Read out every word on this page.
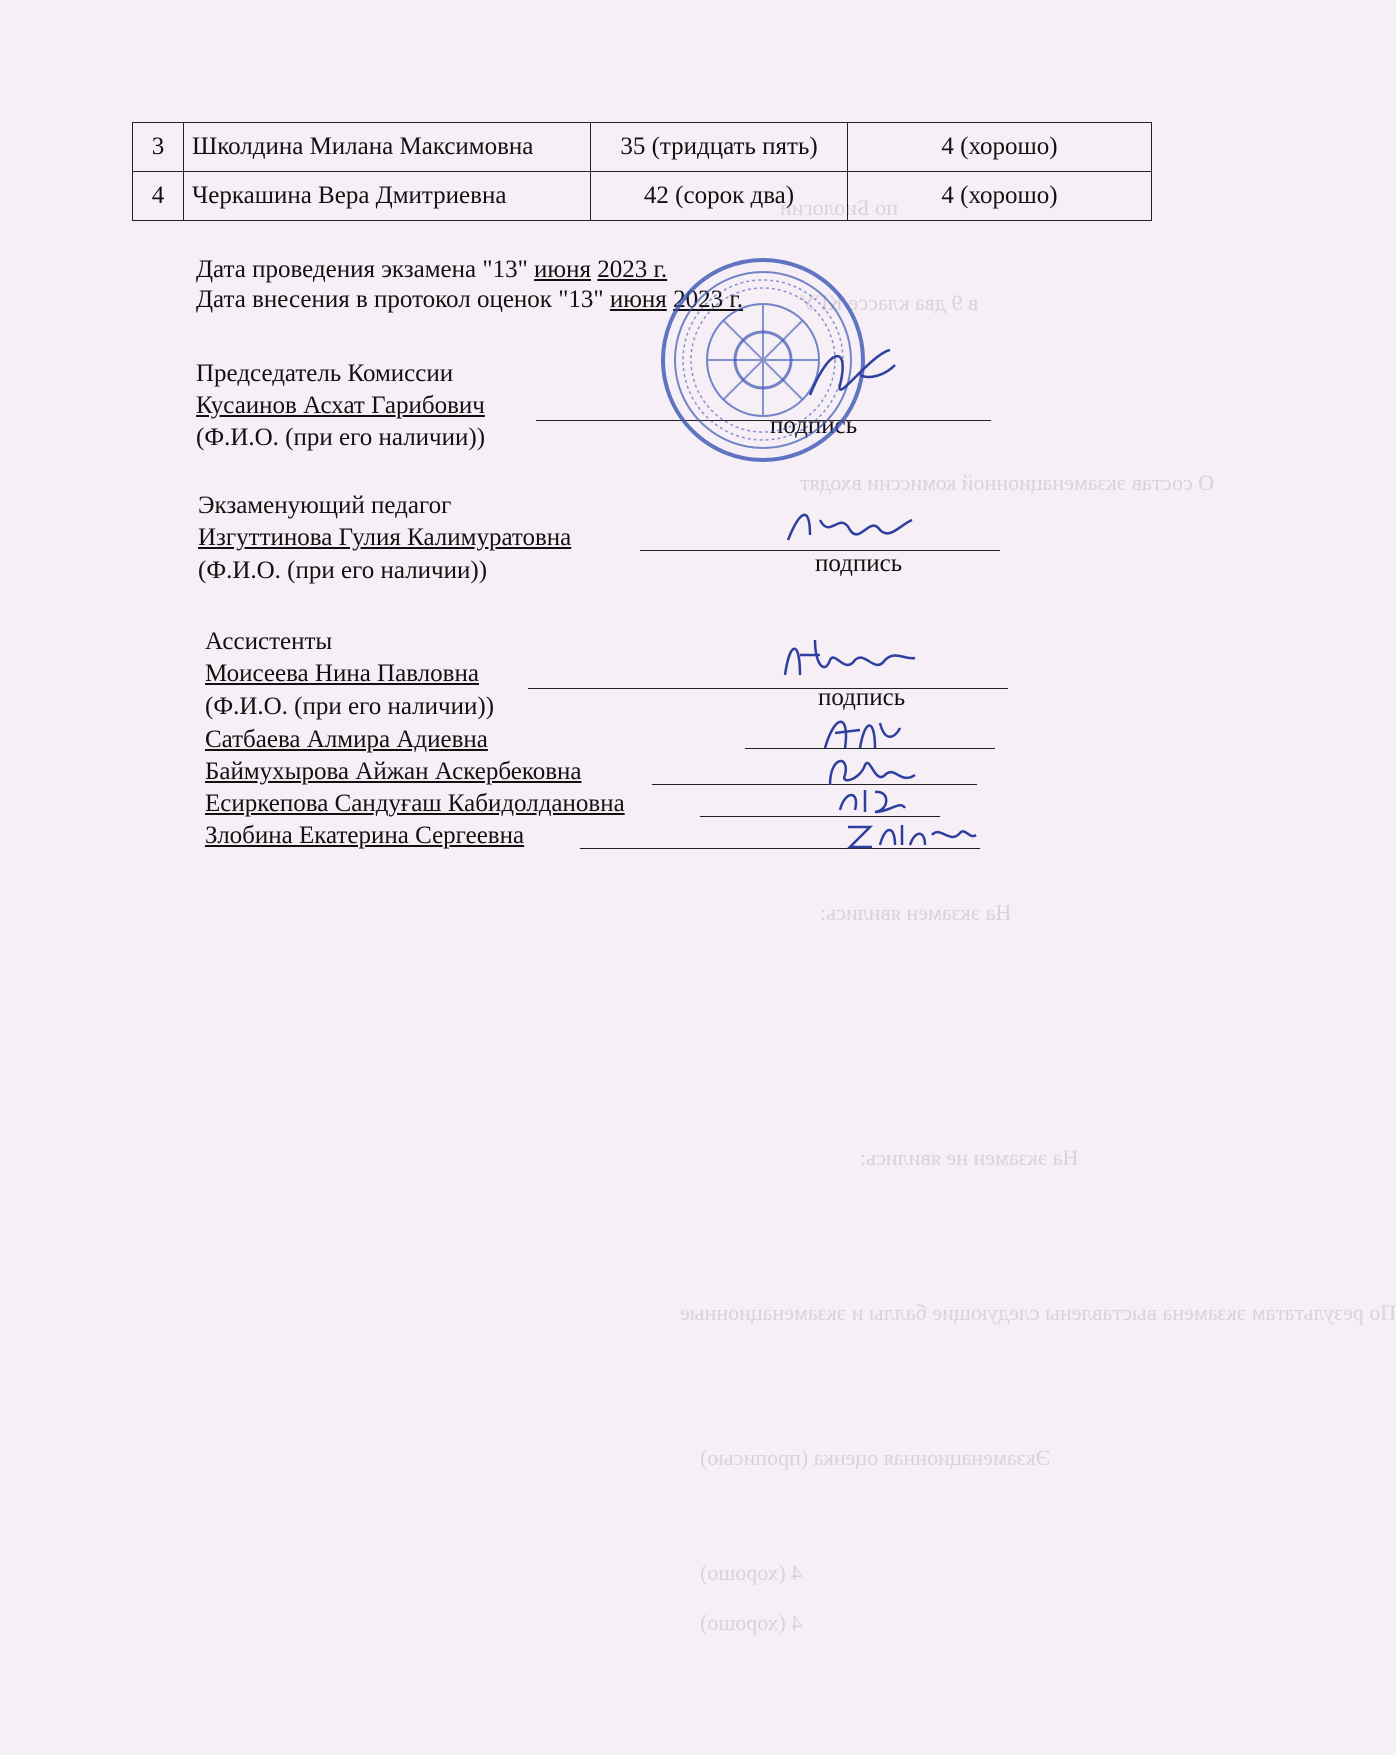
по Биологии
в 9 два классе КГУ
О состав экзаменационной комиссии входят
На экзамен явились:
На экзамен не явились:
По результатам экзамена выставлены следующие баллы и экзаменационные
Экзаменационная оценка (прописью)
4 (хорошо)
4 (хорошо)
3	Школдина Милана Максимовна	35 (тридцать пять)	4 (хорошо)
4	Черкашина Вера Дмитриевна	42 (сорок два)	4 (хорошо)
Дата проведения экзамена "13" июня 2023 г.
Дата внесения в протокол оценок "13" июня 2023 г.
Председатель Комиссии
Кусаинов Асхат Гарибович
(Ф.И.О. (при его наличии))	подпись
Экзаменующий педагог
Изгуттинова Гулия Калимуратовна
(Ф.И.О. (при его наличии))	подпись
Ассистенты
Моисеева Нина Павловна
(Ф.И.О. (при его наличии))	подпись
Сатбаева Алмира Адиевна
Баймухырова Айжан Аскербековна
Есиркепова Сандуғаш Кабидолдановна
Злобина Екатерина Сергеевна
